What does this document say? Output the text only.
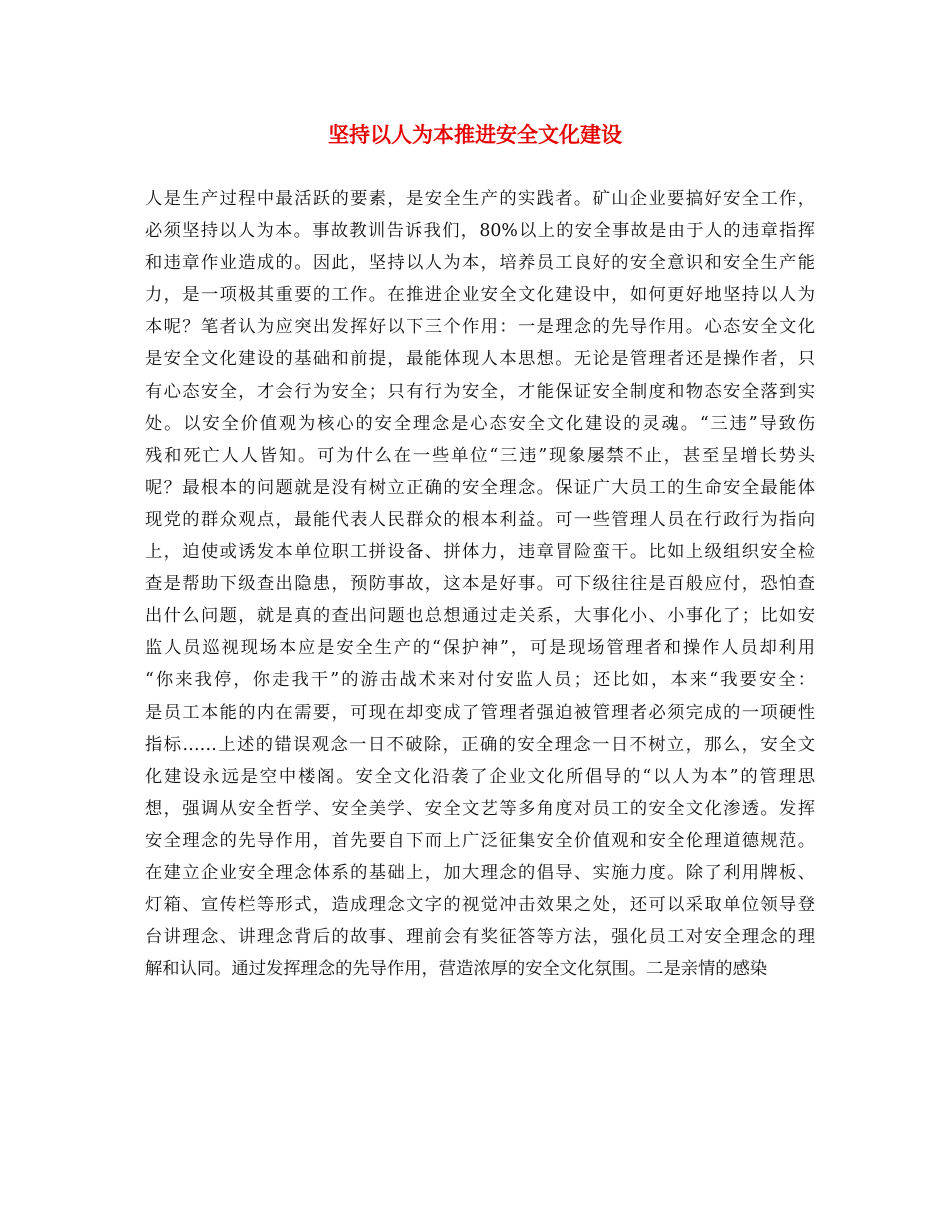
坚持以人为本推进安全文化建设
人是生产过程中最活跃的要素，是安全生产的实践者。矿山企业要搞好安全工作，
必须坚持以人为本。事故教训告诉我们，80%以上的安全事故是由于人的违章指挥
和违章作业造成的。因此，坚持以人为本，培养员工良好的安全意识和安全生产能
力，是一项极其重要的工作。在推进企业安全文化建设中，如何更好地坚持以人为
本呢？笔者认为应突出发挥好以下三个作用：一是理念的先导作用。心态安全文化
是安全文化建设的基础和前提，最能体现人本思想。无论是管理者还是操作者，只
有心态安全，才会行为安全；只有行为安全，才能保证安全制度和物态安全落到实
处。以安全价值观为核心的安全理念是心态安全文化建设的灵魂。“三违”导致伤
残和死亡人人皆知。可为什么在一些单位“三违”现象屡禁不止，甚至呈增长势头
呢？最根本的问题就是没有树立正确的安全理念。保证广大员工的生命安全最能体
现党的群众观点，最能代表人民群众的根本利益。可一些管理人员在行政行为指向
上，迫使或诱发本单位职工拼设备、拼体力，违章冒险蛮干。比如上级组织安全检
查是帮助下级查出隐患，预防事故，这本是好事。可下级往往是百般应付，恐怕查
出什么问题，就是真的查出问题也总想通过走关系，大事化小、小事化了；比如安
监人员巡视现场本应是安全生产的“保护神”，可是现场管理者和操作人员却利用
“你来我停，你走我干”的游击战术来对付安监人员；还比如，本来“我要安全：
是员工本能的内在需要，可现在却变成了管理者强迫被管理者必须完成的一项硬性
指标……上述的错误观念一日不破除，正确的安全理念一日不树立，那么，安全文
化建设永远是空中楼阁。安全文化沿袭了企业文化所倡导的“以人为本”的管理思
想，强调从安全哲学、安全美学、安全文艺等多角度对员工的安全文化渗透。发挥
安全理念的先导作用，首先要自下而上广泛征集安全价值观和安全伦理道德规范。
在建立企业安全理念体系的基础上，加大理念的倡导、实施力度。除了利用牌板、
灯箱、宣传栏等形式，造成理念文字的视觉冲击效果之处，还可以采取单位领导登
台讲理念、讲理念背后的故事、理前会有奖征答等方法，强化员工对安全理念的理
解和认同。通过发挥理念的先导作用，营造浓厚的安全文化氛围。二是亲情的感染
